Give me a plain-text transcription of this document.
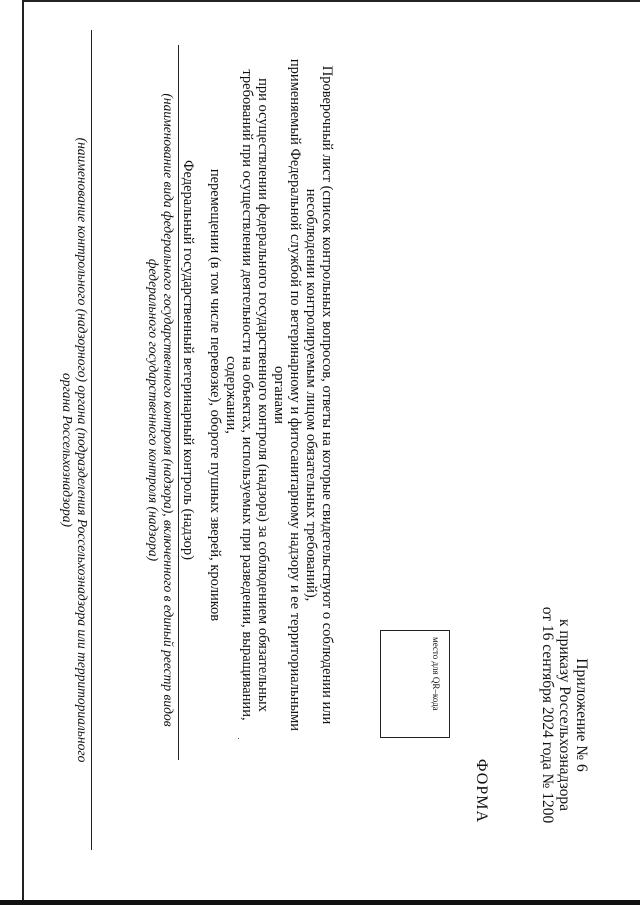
Приложение № 6
к приказу Россельхознадзора
от 16 сентября 2024 года № 1200
ФОРМА
место для QR–кода
Проверочный лист (список контрольных вопросов, ответы на которые свидетельствуют о соблюдении или
несоблюдении контролируемым лицом обязательных требований),
применяемый Федеральной службой по ветеринарному и фитосанитарному надзору и ее территориальными органами
при осуществлении федерального государственного контроля (надзора) за соблюдением обязательных
требований при осуществлении деятельности на объектах, используемых при разведении, выращивании, содержании,
перемещении (в том числе перевозке), обороте пушных зверей, кроликов
Федеральный государственный ветеринарный контроль (надзор)
(наименование вида федерального государственного контроля (надзора), включенного в единый реестр видов
федерального государственного контроля (надзора)
(наименование контрольного (надзорного) органа (подразделения Россельхознадзора или территориального
органа Россельхознадзора)
